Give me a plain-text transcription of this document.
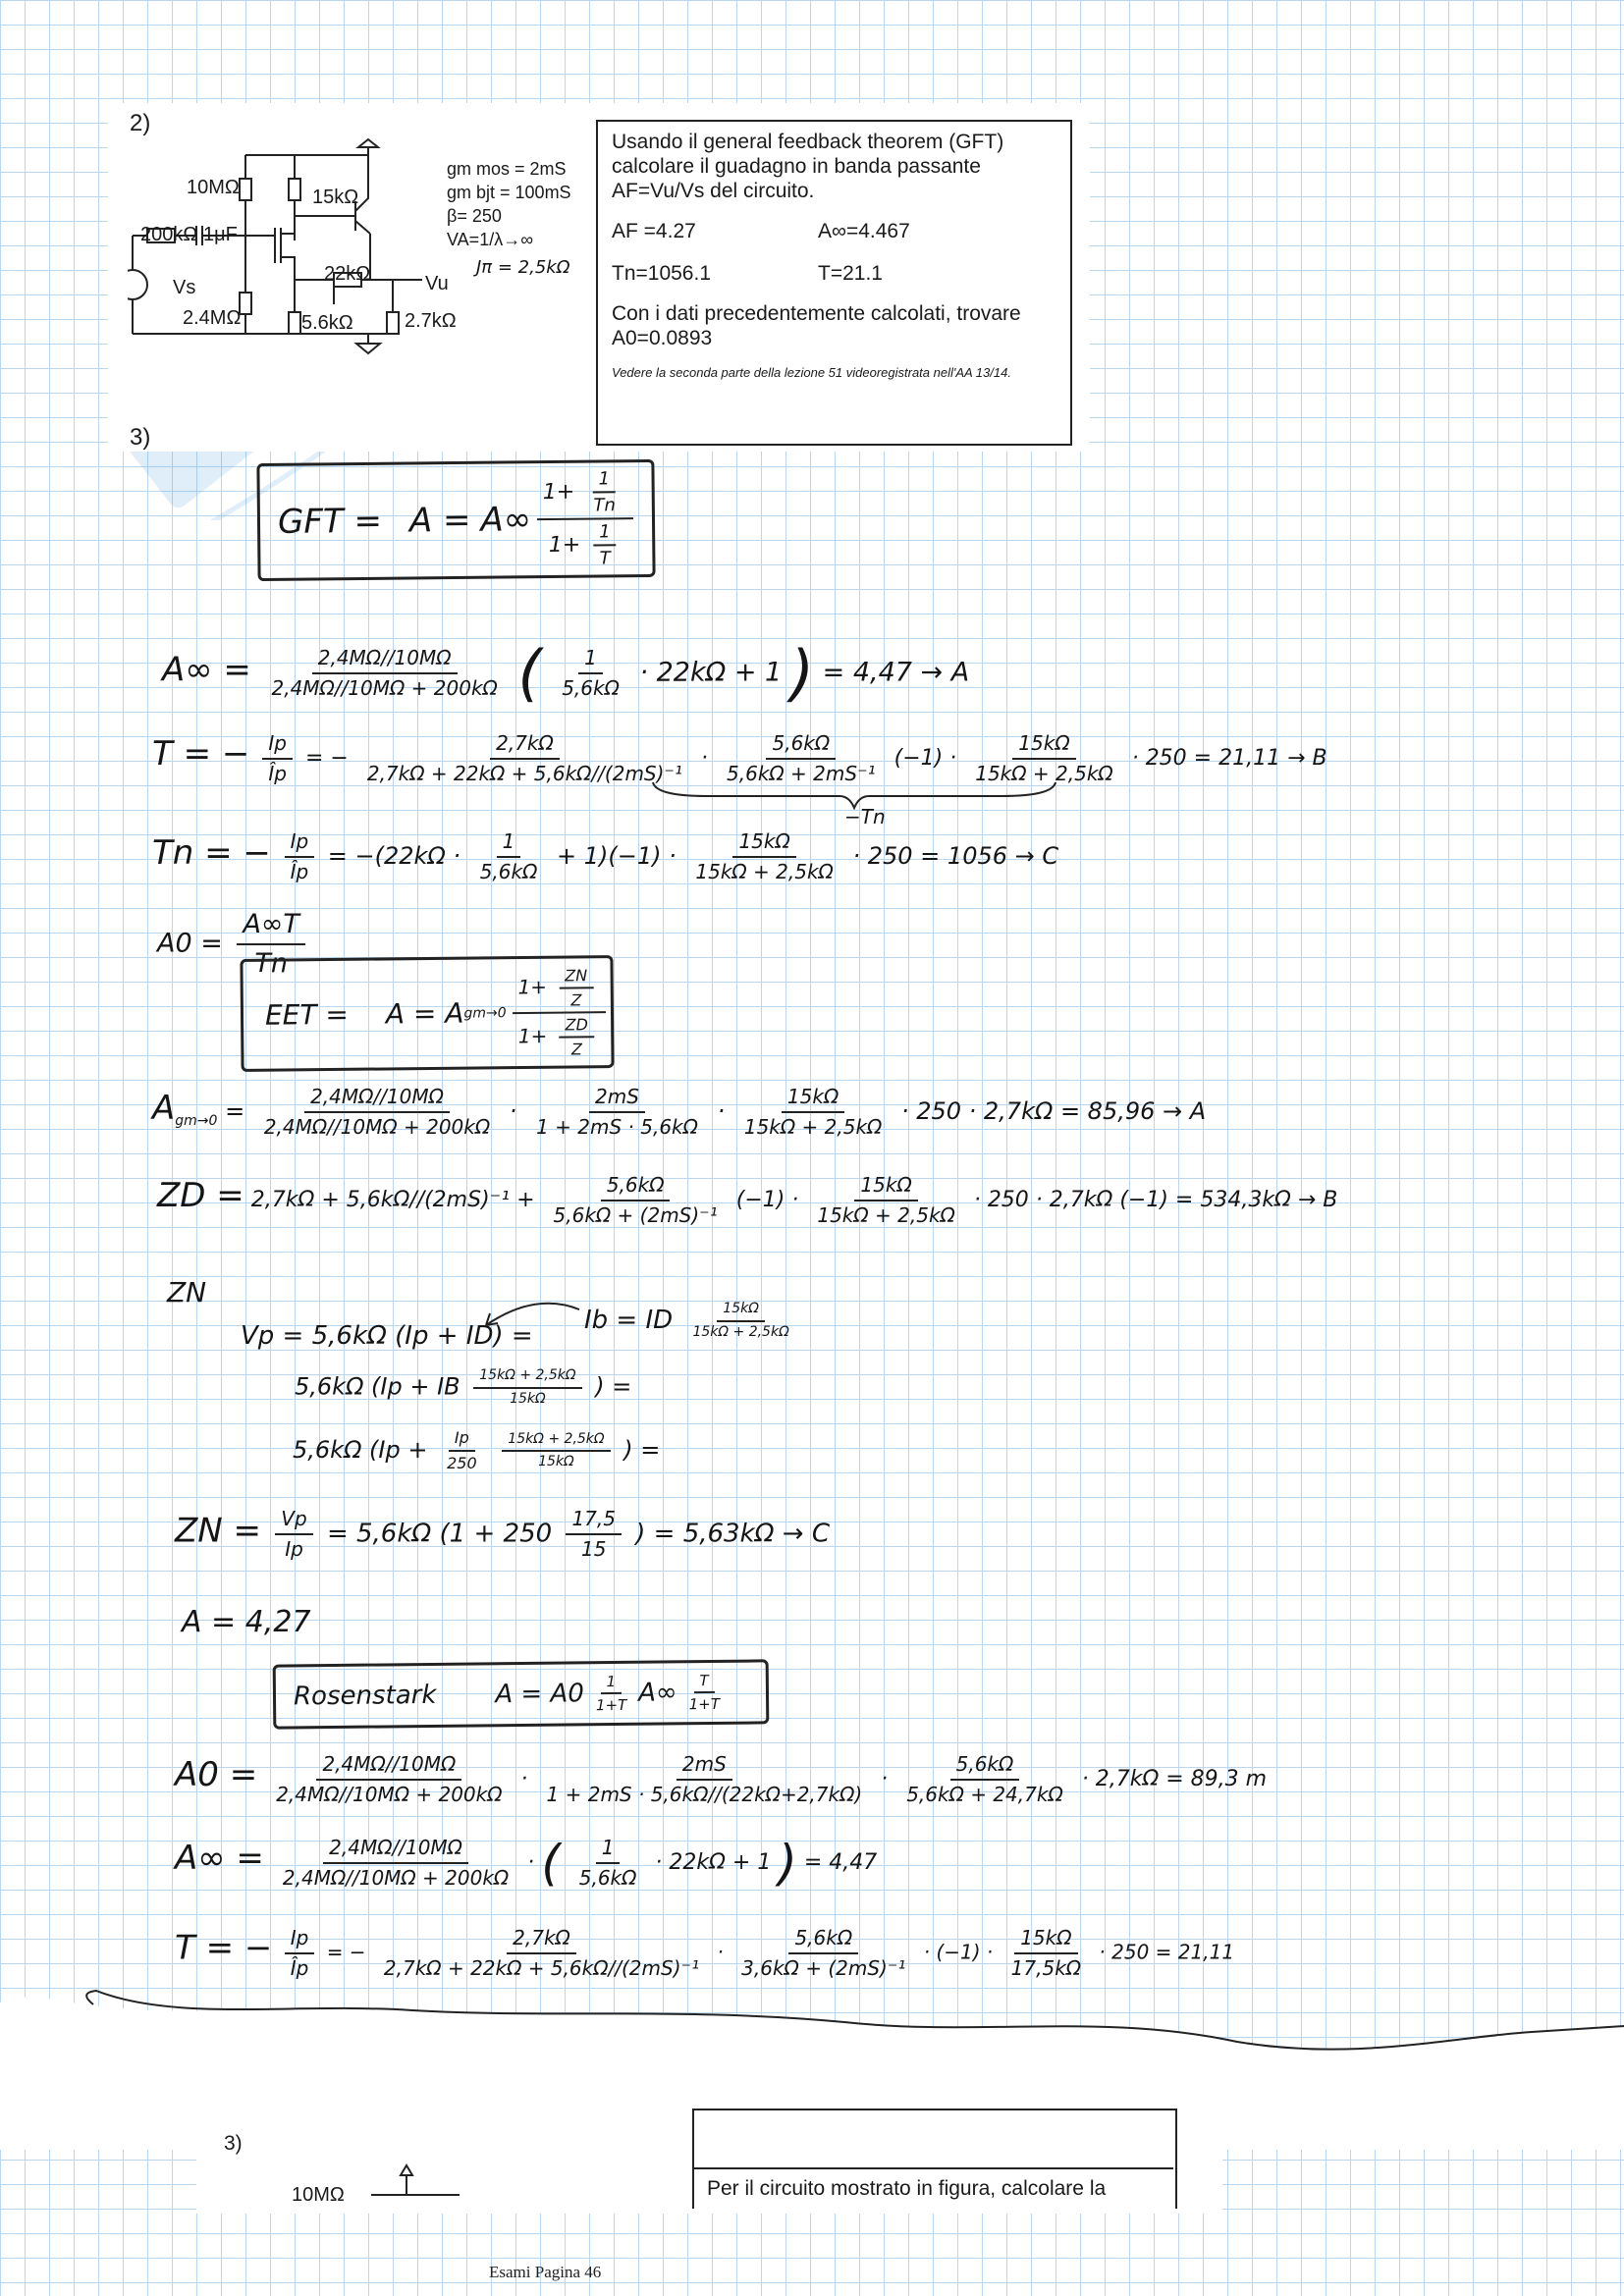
2)
10MΩ	15kΩ
200kΩ 1μF
Vs
2.4MΩ
22kΩ
5.6kΩ	2.7kΩ
Vu
gm mos = 2mS
gm bjt = 100mS
β= 250
VA=1/λ→∞
Jπ = 2,5kΩ
Usando il general feedback theorem (GFT) calcolare il guadagno in banda passante
AF=Vu/Vs del circuito.
AF =4.27	A∞=4.467
Tn=1056.1	T=21.1
Con i dati precedentemente calcolati, trovare
A0=0.0893
Vedere la seconda parte della lezione 51 videoregistrata nell'AA 13/14.
3)
GFT = $A = A\infty \frac{1+ \frac{1}{Tn}}{1+ \frac{1}{T}}$
$A\infty = \frac{2,4M\Omega//10M\Omega}{2,4M\Omega//10M\Omega + 200k\Omega}$ ( $\frac{1}{5,6k\Omega} \cdot 22k\Omega + 1$ ) = 4,47 → A
T = − $\frac{Ip}{Îp}$ = − $\frac{2,7k\Omega}{\text{2,7kΩ + 22kΩ + 5,6kΩ//(2mS)⁻¹}} \cdot \frac{5,6k\Omega}{\text{5,6kΩ + 2mS⁻¹}} (-1) \cdot \frac{15k\Omega}{15k\Omega + 2,5k\Omega} \cdot 250 = 21,11 \to B$
−Tn
Tn = − $\frac{Ip}{Îp} = -(22k\Omega \cdot \frac{1}{5,6k\Omega} + 1)(-1) \cdot \frac{15k\Omega}{15k\Omega + 2,5k\Omega} \cdot 250 = 1056 \to C$
$A0 = \frac{A\infty T}{Tn}$
EET = A = A $gm\to 0 \frac{1+ \frac{ZN}{Z}}{1+ \frac{ZD}{Z}}$
$A_{gm\to 0} = \frac{2,4M\Omega//10M\Omega}{2,4M\Omega//10M\Omega + 200k\Omega} \cdot \frac{2mS}{1 + 2mS \cdot 5,6k\Omega} \cdot \frac{15k\Omega}{15k\Omega + 2,5k\Omega} \cdot 250 \cdot 2,7k\Omega = 85,96 \to A$
ZD = $2,7k\Omega + 5,6k\Omega//(2mS)^{-1} + \frac{5,6k\Omega}{\text{5,6kΩ + (2mS)⁻¹}} (-1) \cdot \frac{15k\Omega}{15k\Omega + 2,5k\Omega} \cdot 250 \cdot 2,7k\Omega$ (−1) = 534,3kΩ → B
ZN
Vp = 5,6kΩ (Ip + ID) =
Ib = ID $\frac{15k\Omega}{15k\Omega + 2,5k\Omega}$
5,6kΩ (Ip + IB $\frac{15k\Omega + 2,5k\Omega}{15k\Omega}$ ) =
5,6kΩ ($Ip + \frac{Ip}{250}$
$\frac{15k\Omega + 2,5k\Omega}{15k\Omega}$ ) =
ZN = $\frac{Vp}{Ip} = 5,6k\Omega$ ($1 + 250 \frac{17,5}{15}$ ) = 5,63kΩ → C
A = 4,27
Rosenstark $A = A0 \frac{1}{1+T} A\infty \frac{T}{1+T}$
$A0 = \frac{2,4M\Omega//10M\Omega}{2,4M\Omega//10M\Omega + 200k\Omega} \cdot \frac{2mS}{1 + 2mS \cdot 5,6k\Omega//(22k\Omega+2,7k\Omega)} \cdot \frac{5,6k\Omega}{5,6k\Omega + 24,7k\Omega} \cdot 2,7k\Omega = 89,3$ m
$A\infty = \frac{2,4M\Omega//10M\Omega}{2,4M\Omega//10M\Omega + 200k\Omega}$ · ( $\frac{1}{5,6k\Omega} \cdot 22k\Omega + 1$ ) = 4,47
T = − $\frac{Ip}{Îp}$ = − $\frac{2,7k\Omega}{\text{2,7kΩ + 22kΩ + 5,6kΩ//(2mS)⁻¹}} \cdot \frac{5,6k\Omega}{\text{3,6kΩ + (2mS)⁻¹}} \cdot (-1) \cdot \frac{15k\Omega}{17,5k\Omega} \cdot 250 = 21,11$
3)
10MΩ	Per il circuito mostrato in figura, calcolare la
Esami Pagina 46
